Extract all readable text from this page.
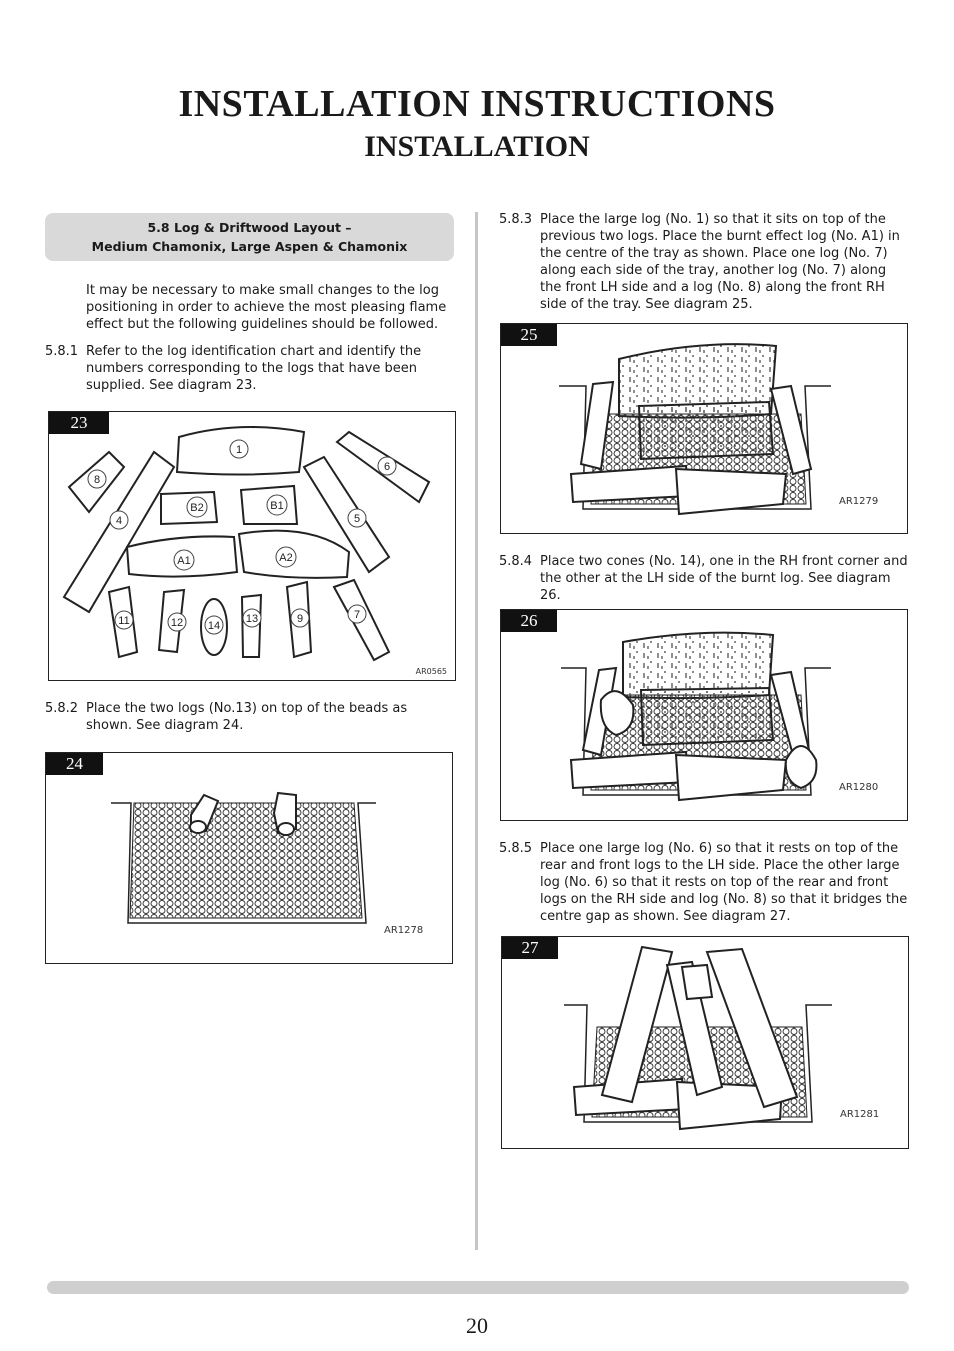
INSTALLATION INSTRUCTIONS
INSTALLATION
5.8 Log & Driftwood Layout –
Medium Chamonix, Large Aspen & Chamonix
It may be necessary to make small changes to the log positioning in order to achieve the most pleasing flame effect but the following guidelines should be followed.
5.8.1 Refer to the log identification chart and identify the numbers corresponding to the logs that have been supplied. See diagram 23.
23
1
8
4
B2	B1
6
5
A1	A2
11	12 14
13	9	7
AR0565
5.8.2 Place the two logs (No.13) on top of the beads as shown. See diagram 24.
24
AR1278
5.8.3 Place the large log (No. 1) so that it sits on top of the previous two logs. Place the burnt effect log (No. A1) in the centre of the tray as shown. Place one log (No. 7) along each side of the tray, another log (No. 7) along the front LH side and a log (No. 8) along the front RH side of the tray. See diagram 25.
25
AR1279
5.8.4 Place two cones (No. 14), one in the RH front corner and the other at the LH side of the burnt log. See diagram 26.
26
AR1280
5.8.5 Place one large log (No. 6) so that it rests on top of the rear and front logs to the LH side. Place the other large log (No. 6) so that it rests on top of the rear and front logs on the RH side and log (No. 8) so that it bridges the centre gap as shown. See diagram 27.
27
AR1281
20
